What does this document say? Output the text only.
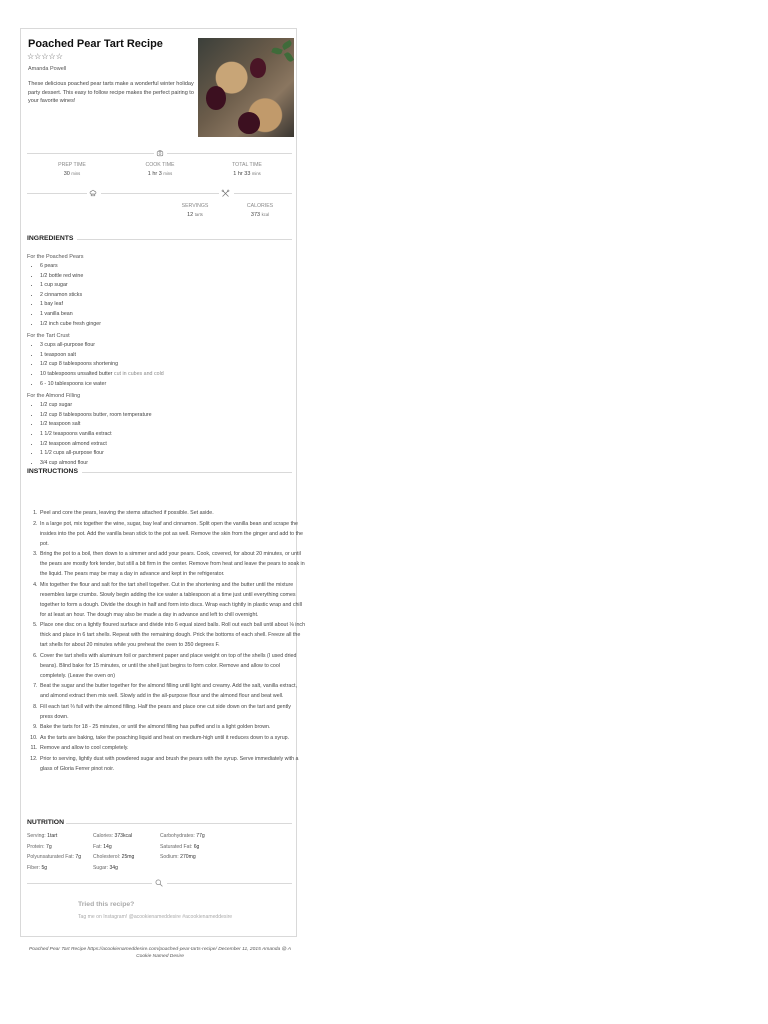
Poached Pear Tart Recipe
☆☆☆☆☆
Amanda Powell
These delicious poached pear tarts make a wonderful winter holiday party dessert. This easy to follow recipe makes the perfect pairing to your favorite wines!
PREP TIME
30 mins
COOK TIME
1 hr 3 mins
TOTAL TIME
1 hr 33 mins
SERVINGS
12 tarts
CALORIES
373 kcal
INGREDIENTS
For the Poached Pears
• 6 pears
• 1/2 bottle red wine
• 1 cup sugar
• 2 cinnamon sticks
• 1 bay leaf
• 1 vanilla bean
• 1/2 inch cube fresh ginger
For the Tart Crust
• 3 cups all-purpose flour
• 1 teaspoon salt
• 1/2 cup 8 tablespoons shortening
• 10 tablespoons unsalted butter cut in cubes and cold
• 6 - 10 tablespoons ice water
For the Almond Filling
• 1/2 cup sugar
• 1/2 cup 8 tablespoons butter, room temperature
• 1/2 teaspoon salt
• 1 1/2 teaspoons vanilla extract
• 1/2 teaspoon almond extract
• 1 1/2 cups all-purpose flour
• 3/4 cup almond flour
INSTRUCTIONS
1. Peel and core the pears, leaving the stems attached if possible. Set aside.
2. In a large pot, mix together the wine, sugar, bay leaf and cinnamon. Split open the vanilla bean and scrape the insides into the pot. Add the vanilla bean stick to the pot as well. Remove the skin from the ginger and add to the pot.
3. Bring the pot to a boil, then down to a simmer and add your pears. Cook, covered, for about 20 minutes, or until the pears are mostly fork tender, but still a bit firm in the center. Remove from heat and leave the pears to soak in the liquid. The pears may be may a day in advance and kept in the refrigerator.
4. Mix together the flour and salt for the tart shell together. Cut in the shortening and the butter until the mixture resembles large crumbs. Slowly begin adding the ice water a tablespoon at a time just until everything comes together to form a dough. Divide the dough in half and form into discs. Wrap each tightly in plastic wrap and chill for at least an hour. The dough may also be made a day in advance and left to chill overnight.
5. Place one disc on a lightly floured surface and divide into 6 equal sized balls. Roll out each ball until about ⅛ inch thick and place in 6 tart shells. Repeat with the remaining dough. Prick the bottoms of each shell. Freeze all the tart shells for about 20 minutes while you preheat the oven to 350 degrees F.
6. Cover the tart shells with aluminum foil or parchment paper and place weight on top of the shells (I used dried beans). Blind bake for 15 minutes, or until the shell just begins to form color. Remove and allow to cool completely. (Leave the oven on)
7. Beat the sugar and the butter together for the almond filling until light and creamy. Add the salt, vanilla extract, and almond extract then mix well. Slowly add in the all-purpose flour and the almond flour and beat well.
8. Fill each tart ⅔ full with the almond filling. Half the pears and place one cut side down on the tart and gently press down.
9. Bake the tarts for 18 - 25 minutes, or until the almond filling has puffed and is a light golden brown.
10. As the tarts are baking, take the poaching liquid and heat on medium-high until it reduces down to a syrup.
11. Remove and allow to cool completely.
12. Prior to serving, lightly dust with powdered sugar and brush the pears with the syrup. Serve immediately with a glass of Gloria Ferrer pinot noir.
NUTRITION
Serving: 1tart
Protein: 7g
Polyunsaturated Fat: 7g
Fiber: 5g
Calories: 373kcal
Fat: 14g
Cholesterol: 25mg
Sugar: 34g
Carbohydrates: 77g
Saturated Fat: 6g
Sodium: 270mg
Tried this recipe?
Tag me on Instagram! @acookienameddesire #acookienameddesire
Poached Pear Tart Recipe https://acookienameddesire.com/poached-pear-tarts-recipe/ December 11, 2015 Amanda @ A Cookie Named Desire
